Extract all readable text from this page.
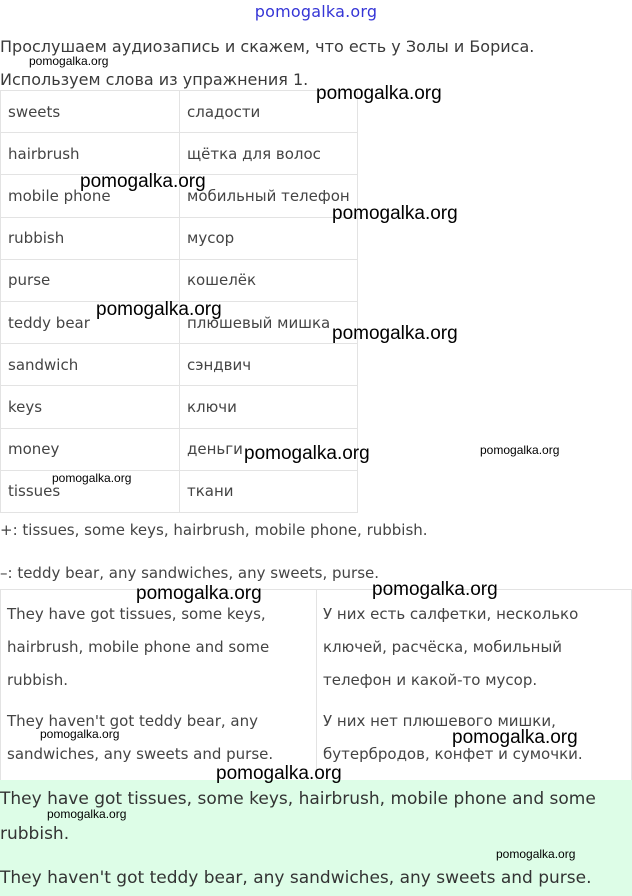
pomogalka.org
Прослушаем аудиозапись и скажем, что есть у Золы и Бориса. Используем слова из упражнения 1.
sweets	сладости
hairbrush	щётка для волос
mobile phone	мобильный телефон
rubbish	мусор
purse	кошелёк
teddy bear	плюшевый мишка
sandwich	сэндвич
keys	ключи
money	деньги
tissues	ткани
+: tissues, some keys, hairbrush, mobile phone, rubbish.
–: teddy bear, any sandwiches, any sweets, purse.

They have got tissues, some keys, hairbrush, mobile phone and some rubbish.

They haven't got teddy bear, any sandwiches, any sweets and purse.

У них есть салфетки, несколько ключей, расчёска, мобильный телефон и какой-то мусор.

У них нет плюшевого мишки, бутербродов, конфет и сумочки.

They have got tissues, some keys, hairbrush, mobile phone and some rubbish.

They haven't got teddy bear, any sandwiches, any sweets and purse.

pomogalka.org
pomogalka.org
pomogalka.org
pomogalka.org
pomogalka.org
pomogalka.org
pomogalka.org	pomogalka.org
pomogalka.org
pomogalka.org
pomogalka.org
pomogalka.org	pomogalka.org
pomogalka.org
pomogalka.org
pomogalka.org
